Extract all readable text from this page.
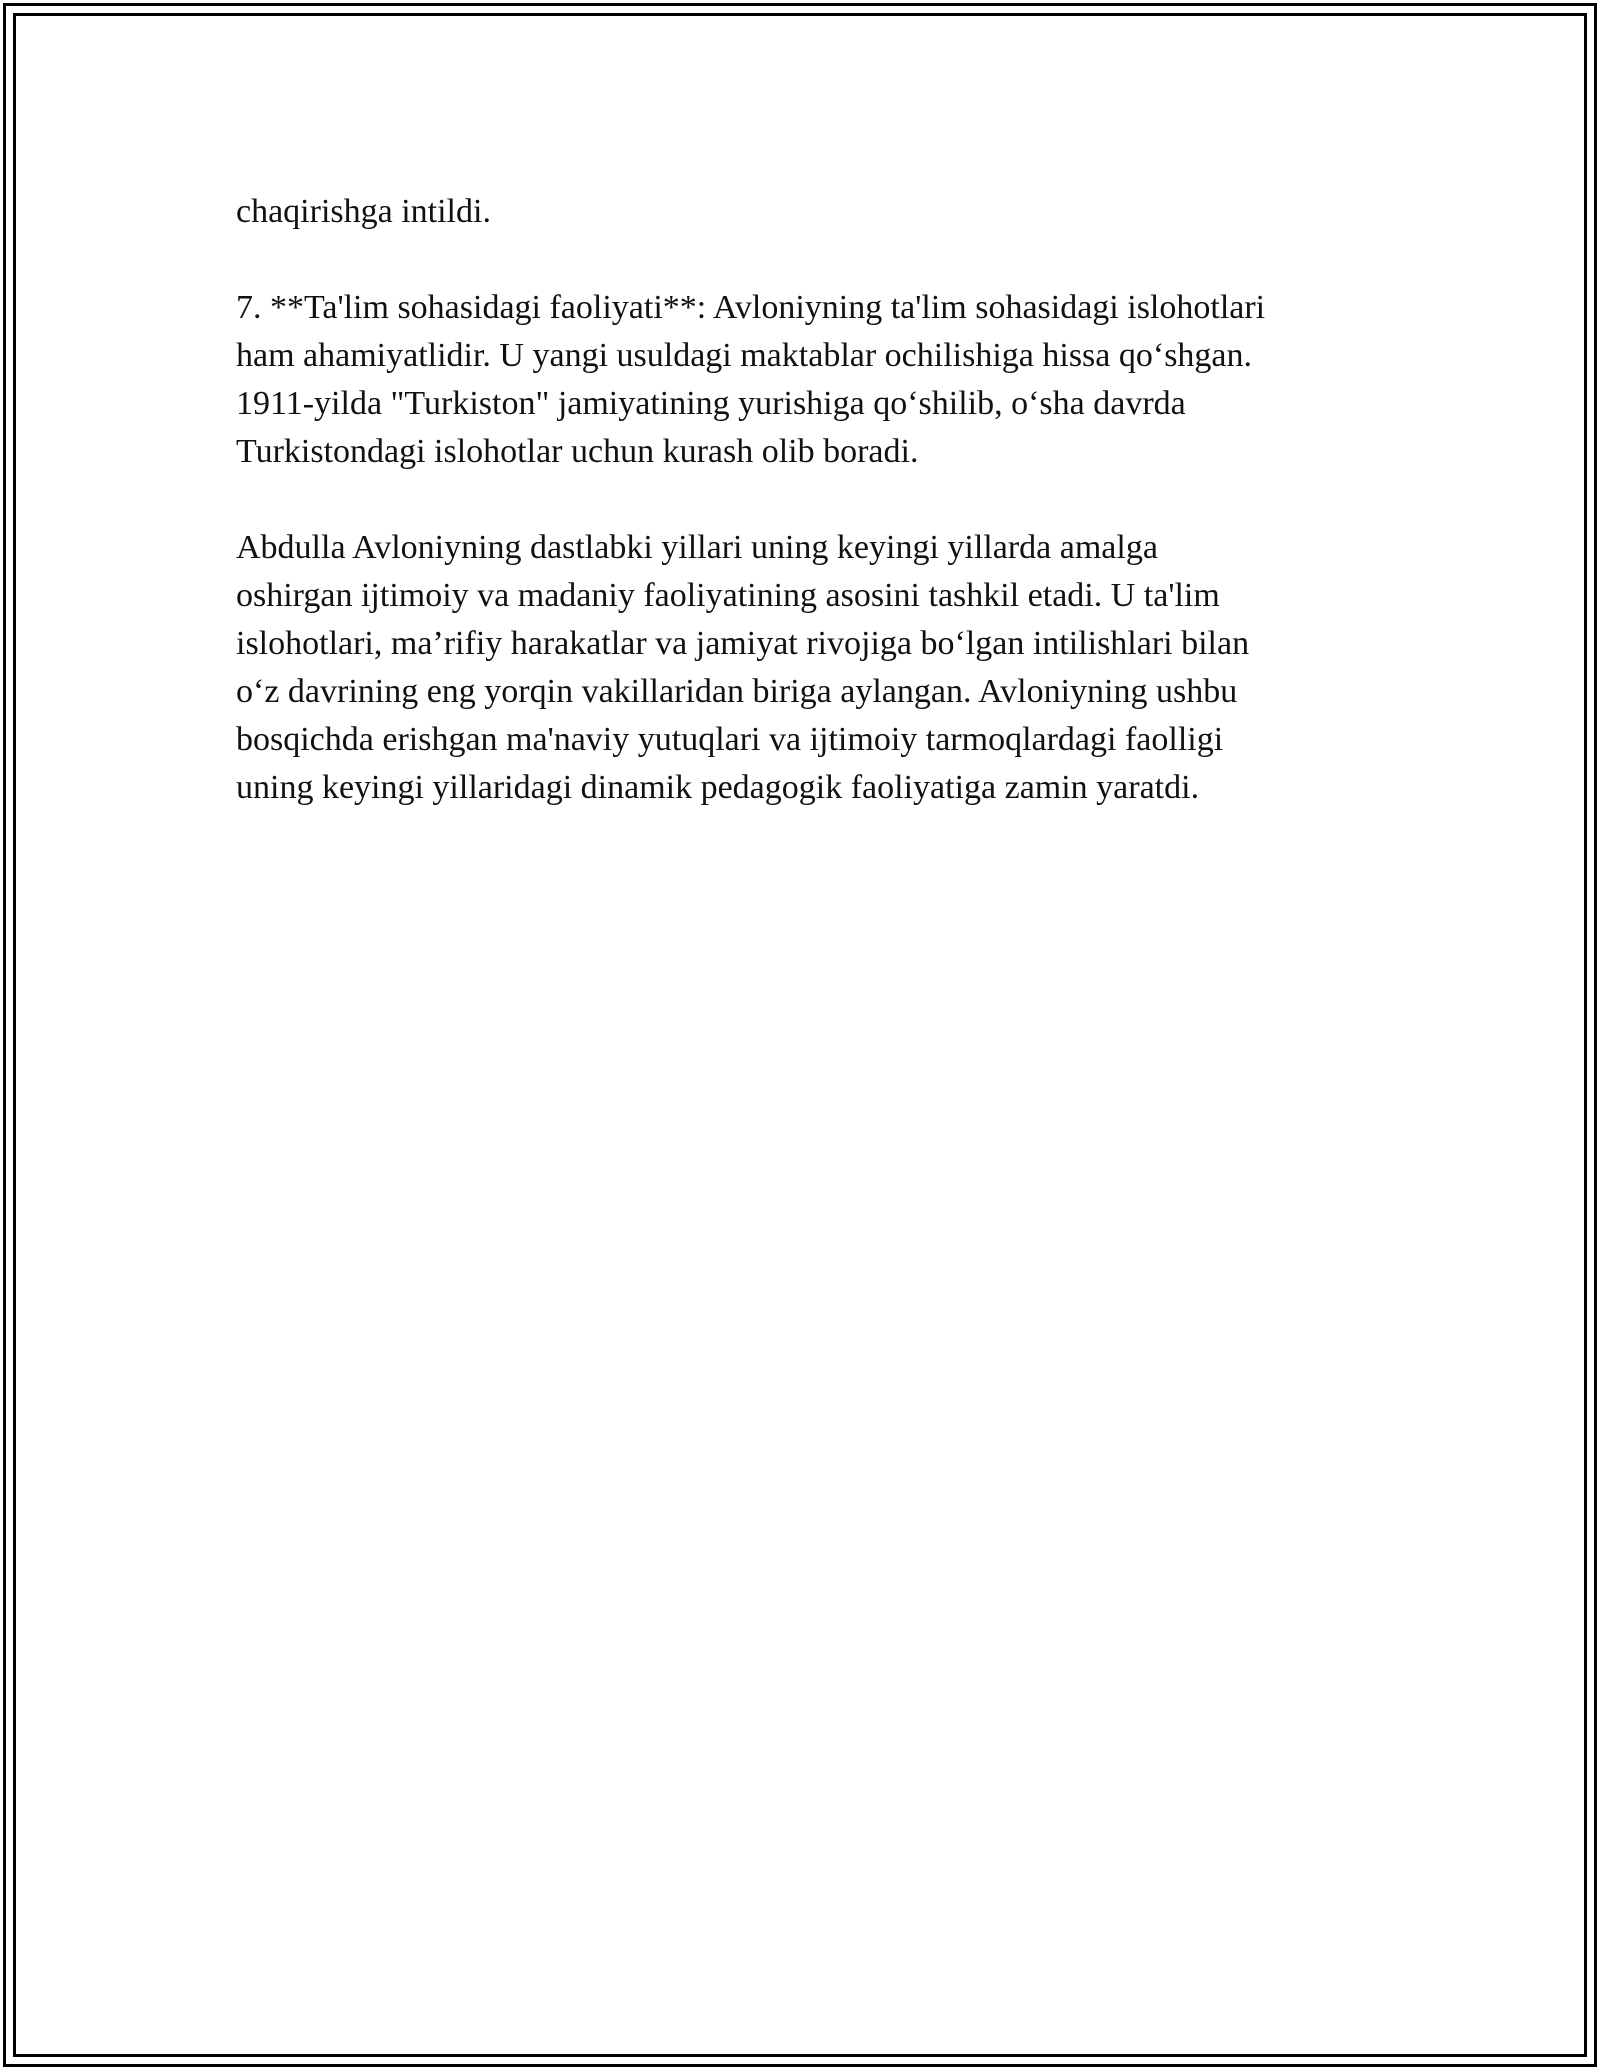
chaqirishga intildi.

7. **Ta'lim sohasidagi faoliyati**: Avloniyning ta'lim sohasidagi islohotlari
ham ahamiyatlidir. U yangi usuldagi maktablar ochilishiga hissa qo‘shgan.
1911-yilda "Turkiston" jamiyatining yurishiga qo‘shilib, o‘sha davrda
Turkistondagi islohotlar uchun kurash olib boradi.

Abdulla Avloniyning dastlabki yillari uning keyingi yillarda amalga
oshirgan ijtimoiy va madaniy faoliyatining asosini tashkil etadi. U ta'lim
islohotlari, ma’rifiy harakatlar va jamiyat rivojiga bo‘lgan intilishlari bilan
o‘z davrining eng yorqin vakillaridan biriga aylangan. Avloniyning ushbu
bosqichda erishgan ma'naviy yutuqlari va ijtimoiy tarmoqlardagi faolligi
uning keyingi yillaridagi dinamik pedagogik faoliyatiga zamin yaratdi.
